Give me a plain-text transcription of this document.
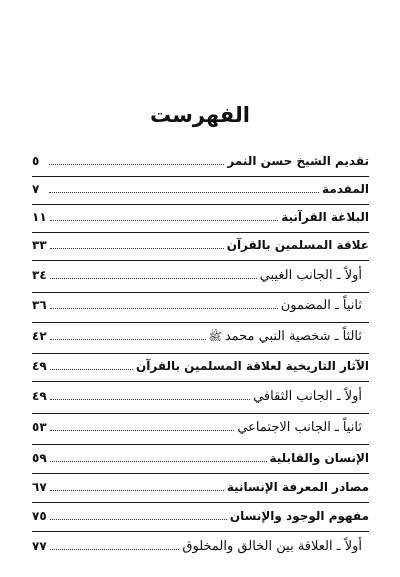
الفهرست
تقديم الشيخ حسن النمر
٥
المقدمة
٧
البلاغة القرآنية
١١
علاقة المسلمين بالقرآن
٣٣
أولاً ـ الجانب الغيبي
٣٤
ثانياً ـ المضمون
٣٦
ثالثاً ـ شخصية النبي محمدﷺ
٤٢
الآثار التاريخية لعلاقة المسلمين بالقرآن
٤٩
أولاً ـ الجانب الثقافي
٤٩
ثانياً ـ الجانب الاجتماعي
٥٣
الإنسان والقابلية
٥٩
مصادر المعرفة الإنسانية
٦٧
مفهوم الوجود والإنسان
٧٥
أولاً ـ العلاقة بين الخالق والمخلوق
٧٧
